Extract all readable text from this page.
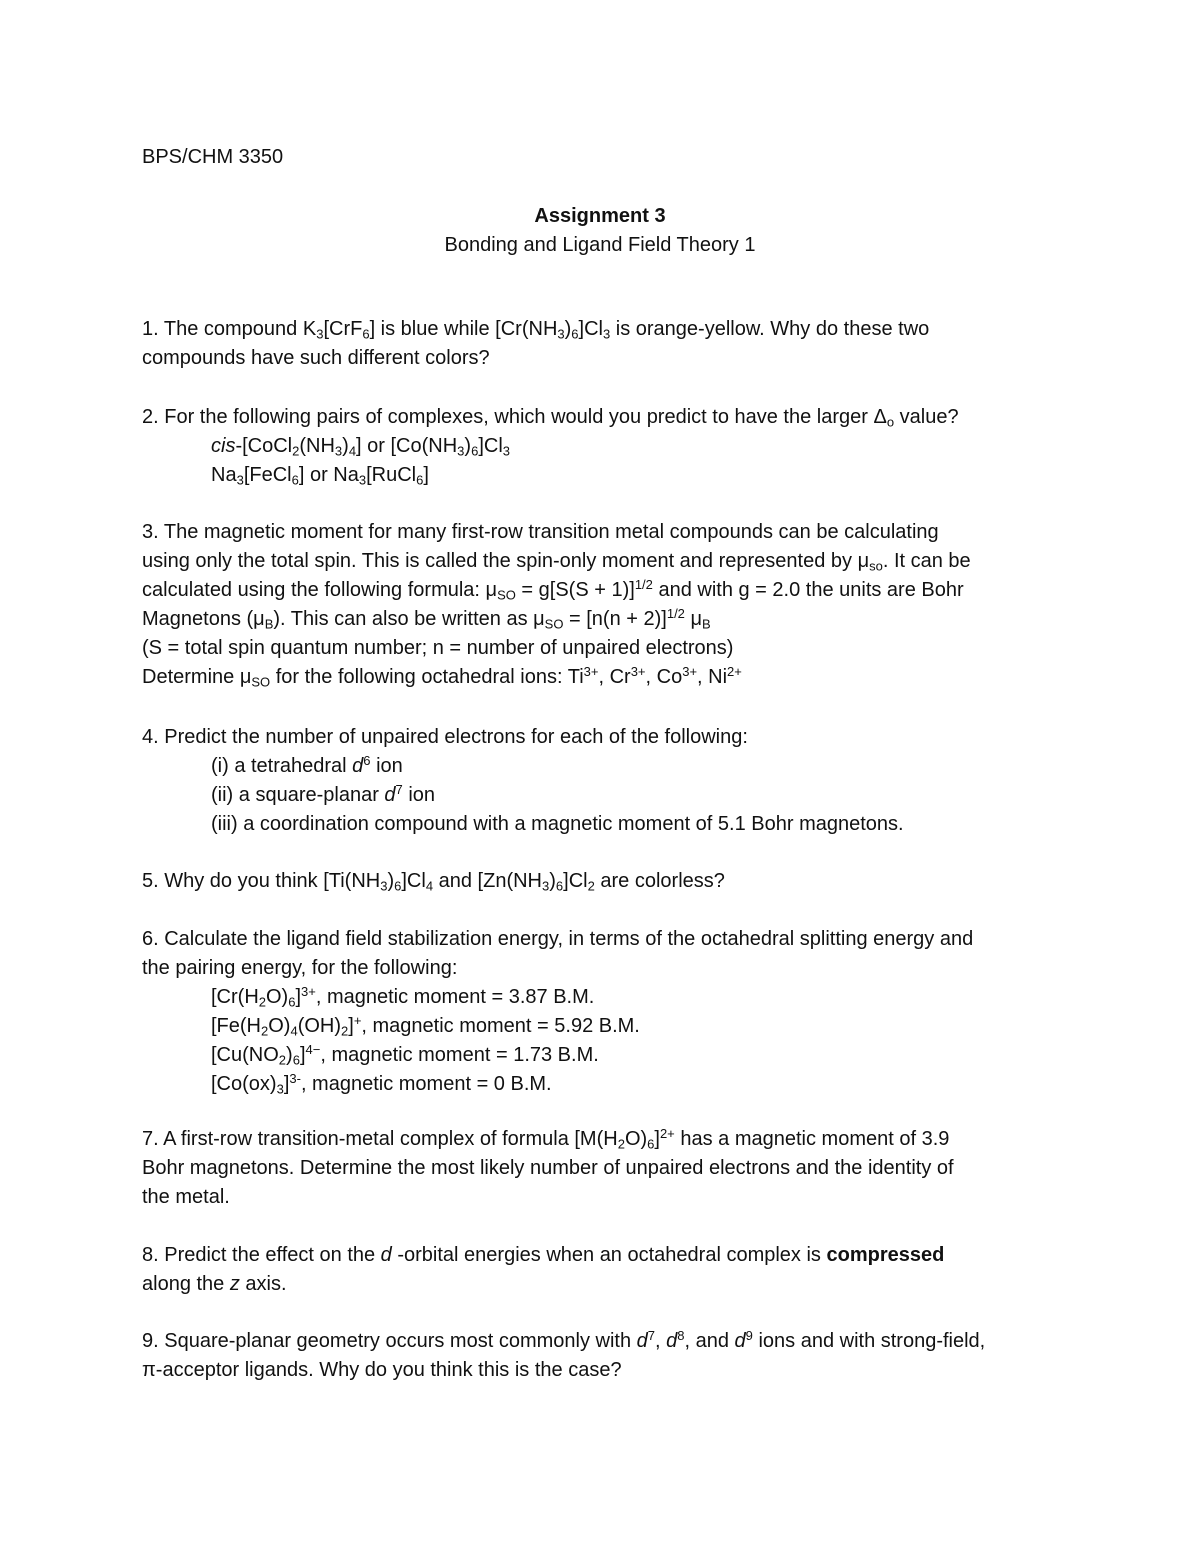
BPS/CHM 3350
Assignment 3
Bonding and Ligand Field Theory 1
1. The compound $K_3[CrF_6]$ is blue while $[Cr(NH_3)_6]Cl_3$ is orange-yellow. Why do these two
compounds have such different colors?
2. For the following pairs of complexes, which would you predict to have the larger $\Delta_o$ value?
cis-$[CoCl_2(NH_3)_4]$ or $[Co(NH_3)_6]Cl_3$
$Na_3[FeCl_6]$ or $Na_3[RuCl_6]$
3. The magnetic moment for many first-row transition metal compounds can be calculating
using only the total spin. This is called the spin-only moment and represented by $\mu_{so}$. It can be
calculated using the following formula: $\mu_{SO} = g[S(S + 1)]^{1/2}$ and with g = 2.0 the units are Bohr
Magnetons $(\mu_B)$. This can also be written as $\mu_{SO} = [n(n + 2)]^{1/2}$ $\mu_B$
(S = total spin quantum number; n = number of unpaired electrons)
Determine $\mu_{SO}$ for the following octahedral ions: $Ti^{3+}$, $Cr^{3+}$, $Co^{3+}$, $Ni^{2+}$
4. Predict the number of unpaired electrons for each of the following:
(i) a tetrahedral $d^6$ ion
(ii) a square-planar $d^7$ ion
(iii) a coordination compound with a magnetic moment of 5.1 Bohr magnetons.
5. Why do you think $[Ti(NH_3)_6]Cl_4$ and $[Zn(NH_3)_6]Cl_2$ are colorless?
6. Calculate the ligand field stabilization energy, in terms of the octahedral splitting energy and
the pairing energy, for the following:
$[Cr(H_2O)_6]^{3+}$, magnetic moment = 3.87 B.M.
$[Fe(H_2O)_4(OH)_2]^+$, magnetic moment = 5.92 B.M.
$[Cu(NO_2)_6]^{4-}$, magnetic moment = 1.73 B.M.
$[Co(ox)_3]^{3-}$, magnetic moment = 0 B.M.
7. A first-row transition-metal complex of formula $[M(H_2O)_6]^{2+}$ has a magnetic moment of 3.9
Bohr magnetons. Determine the most likely number of unpaired electrons and the identity of
the metal.
8. Predict the effect on the d -orbital energies when an octahedral complex is compressed
along the z axis.
9. Square-planar geometry occurs most commonly with $d^7$, $d^8$, and $d^9$ ions and with strong-field,
π-acceptor ligands. Why do you think this is the case?
